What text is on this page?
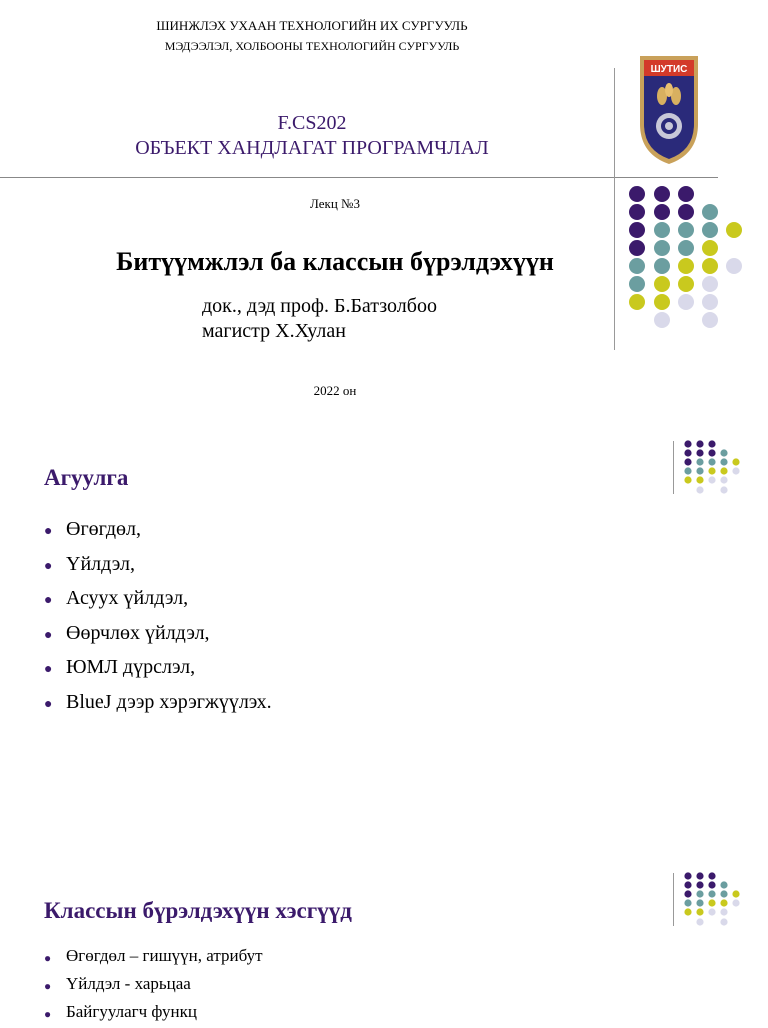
ШИНЖЛЭХ УХААН ТЕХНОЛОГИЙН ИХ СУРГУУЛЬ
МЭДЭЭЛЭЛ, ХОЛБООНЫ ТЕХНОЛОГИЙН СУРГУУЛЬ
ШУТИС
F.CS202
ОБЪЕКТ ХАНДЛАГАТ ПРОГРАМЧЛАЛ
Лекц №3
Битүүмжлэл ба классын бүрэлдэхүүн
док., дэд проф. Б.Батзолбоо
магистр Х.Хулан
2022 он
Агуулга
● Өгөгдөл,
● Үйлдэл,
● Асуух үйлдэл,
● Өөрчлөх үйлдэл,
● ЮМЛ дүрслэл,
● BlueJ дээр хэрэгжүүлэх.
Классын бүрэлдэхүүн хэсгүүд
● Өгөгдөл – гишүүн, атрибут
● Үйлдэл - харьцаа
● Байгуулагч функц
